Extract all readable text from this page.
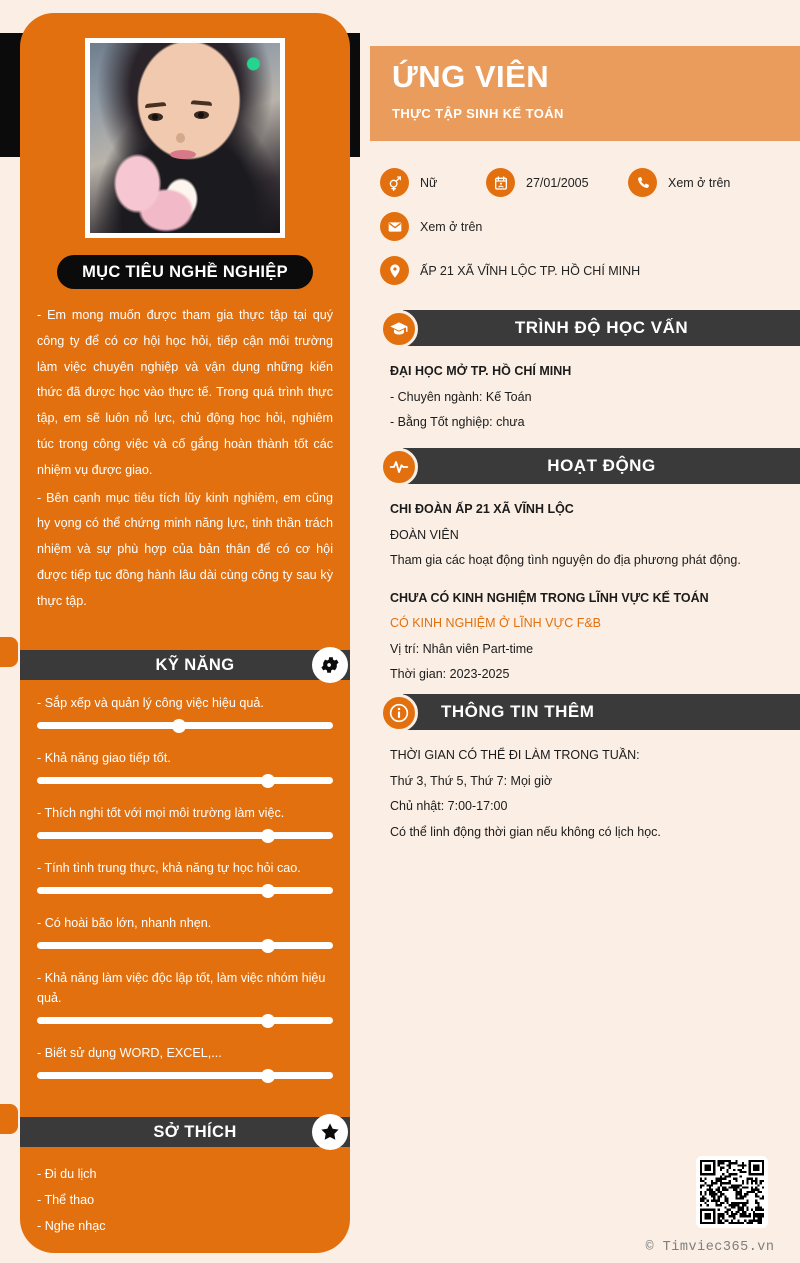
MỤC TIÊU NGHỀ NGHIỆP

- Em mong muốn được tham gia thực tập tại quý công ty để có cơ hội học hỏi, tiếp cận môi trường làm việc chuyên nghiệp và vận dụng những kiến thức đã được học vào thực tế. Trong quá trình thực tập, em sẽ luôn nỗ lực, chủ động học hỏi, nghiêm túc trong công việc và cố gắng hoàn thành tốt các nhiệm vụ được giao.

- Bên cạnh mục tiêu tích lũy kinh nghiệm, em cũng hy vọng có thể chứng minh năng lực, tinh thần trách nhiệm và sự phù hợp của bản thân để có cơ hội được tiếp tục đồng hành lâu dài cùng công ty sau kỳ thực tập.

KỸ NĂNG
- Sắp xếp và quản lý công việc hiệu quả.
- Khả năng giao tiếp tốt.
- Thích nghi tốt với mọi môi trường làm việc.
- Tính tình trung thực, khả năng tự học hỏi cao.
- Có hoài bão lớn, nhanh nhẹn.
- Khả năng làm việc độc lập tốt, làm việc nhóm hiệu quả.
- Biết sử dụng WORD, EXCEL,...
SỞ THÍCH
- Đi du lịch
- Thể thao
- Nghe nhạc
ỨNG VIÊN
THỰC TẬP SINH KẾ TOÁN
Nữ	27/01/2005	Xem ở trên
Xem ở trên
ẤP 21 XÃ VĨNH LỘC TP. HỒ CHÍ MINH
TRÌNH ĐỘ HỌC VẤN
ĐẠI HỌC MỞ TP. HỒ CHÍ MINH
- Chuyên ngành: Kế Toán
- Bằng Tốt nghiệp: chưa
HOẠT ĐỘNG
CHI ĐOÀN ẤP 21 XÃ VĨNH LỘC
ĐOÀN VIÊN
Tham gia các hoạt động tình nguyện do địa phương phát động.
CHƯA CÓ KINH NGHIỆM TRONG LĨNH VỰC KẾ TOÁN
CÓ KINH NGHIỆM Ở LĨNH VỰC F&B
Vị trí: Nhân viên Part-time
Thời gian: 2023-2025
THÔNG TIN THÊM
THỜI GIAN CÓ THỂ ĐI LÀM TRONG TUẦN:
Thứ 3, Thứ 5, Thứ 7: Mọi giờ
Chủ nhật: 7:00-17:00
Có thể linh động thời gian nếu không có lịch học.
© Timviec365.vn
